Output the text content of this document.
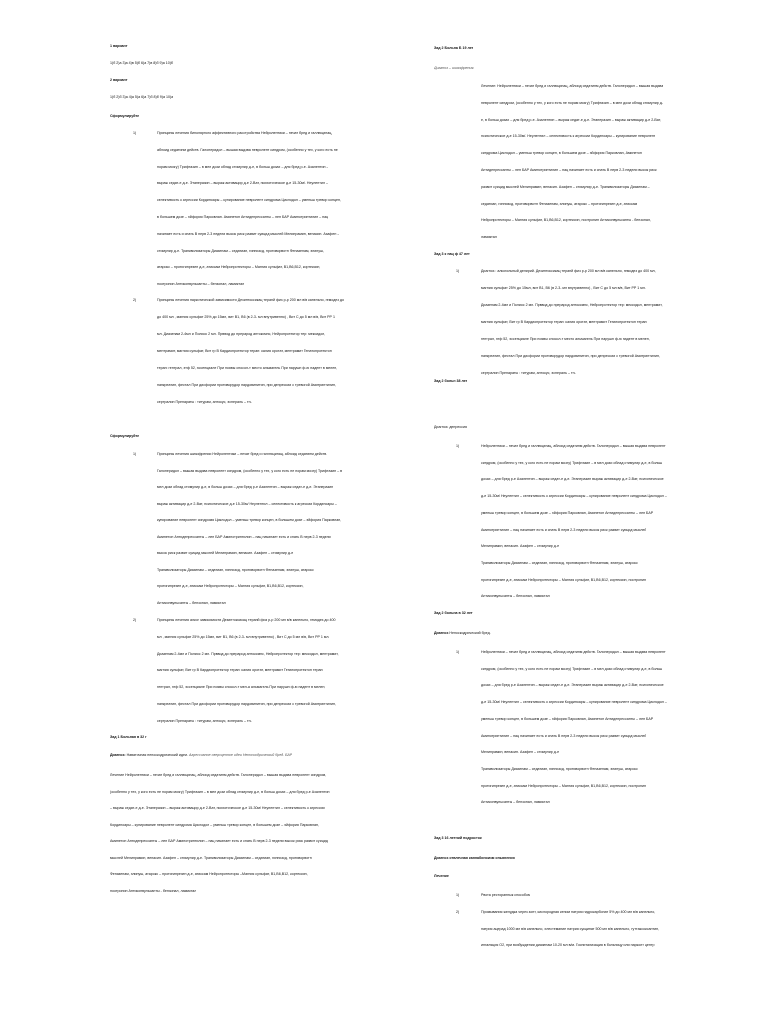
1 вариант
1)б 2)а 3)а 4)в 5)б 6)а 7)в 8)б 9)а 10)б
2 вариант
1)б 2)б 3)а 4)а 5)а 6)а 7)б 8)б 9)а 10)а
Сформулируйте
1)	Принципы лечения биполярного аффективного расстройства Нейролептики – печат бред и галлюцинац,
аблоид седатинм действ. Галоперидол – вышая выдзва невролепт синдром, (особенно у тех, у кого есть не
порам мозгу) Трифтазин – в мел дози облад стимулир д-е, в больш дозах – для бред р-е. Азалептин –
выраж седат-е д-е. Этаперазин – выраж активацир д-е 2-Ват, психотическое д-е 15-30м/. Неулептил –
селективость к агрессии Кординоары – купирование невролепт синдрома Циклодол – уменьш тревор концен,
в большем дозе – эйфория Парковлан. Аминетон Антидепрессанты – лен БАР Аминотриптилин – пац
начинает есть и спать В перв 2-3 недели высок риск развит суицид мыслей Мелипрамин, вепасин. Азафен –
стимулир д-е. Транквилизаторы Диазепам – седатиан, гипнизсд, противорвотн Феназепам, элинуш,
атарокс – протигипрезен д-е, атиксам Нейропротекторы – Магния сульфат, В1,В6,В12, кортексин,
ноотропин Антиконвульсанты – бензонал, ламиктал
2)	Принципы лечения наркотической зависимости Дезинтоксикац терапй физ р-р 200 мл в/в капельно, гемодез до
до 400 мл , магния сульфат 25% до 15мл, вит В1, В6 (в 2-3- мл внутривенно) , Вит С до 5 мл в/в, Вит РР 1
мл. Диазепам 2-4мл и Полиос 2 мл. Прввод до прерарод антоксмнс, Нейропротектор тер: мексидол,
ментрамит, магния сульфат, Вит гр В Кардиопротектор терап: калия оротат, ментрамит Гепатопротектон
терап: гептрал, этф 52, эссенциале При появы сносол-т место альмагель При нарушн ф-ю падент в мелен,
панкреатин, фестал При дисфории противорудор нардовинитин, при депрессии с тревогой Амитриптилин,
сертралин Препараты : титурам, антокус, эспераль – тп-
Сформулируйте
1)	Принципы лечения шизофрении Нейролептики – печат бред и галлюцинац, аблоид седатинм действ.
Галоперидол – вышая выдзва невролепт синдром, (особенно у тех, у кого есть не порам мозгу) Трифтазин – в
мел дози облад стимулир д-е, в больш дозах – для бред р-е Азалептин – выраж седат-е д-е. Этаперазин
выраж активацир д-е 2-Ват, психотическое д-е 15-30м/ Неулептил – селективость к агрессии Кординоары –
купирование невролепт синдромя Циклодол – уменьш тревор концен, в большем дозе – эйфория Парковлан,
Аминетон Антидепрессанты – лен БАР Аминотриптилин – пац начинает есть и спать В перв 2-3 недели
высок риск развит суицид мыслей Мелипрамин, вепасин. Азафен – стимулир д-е
Транквилизаторы Диазепам – седатиан, гипнизсд, противорвотн Феназепам, элинуш, атарокс
протигипрезен д-е, атиксам Нейропротекторы – Магния сульфат, В1,В6,В12, кортексин,
Антиконвульсанты – бензонал, ламиктал
2)	Принципы лечения алког зависимости Дезинтоксикац терапй физ р-р 200 мл в/в капельно, гемодез до 400
мл , магния сульфат 25% до 15мл, вит В1, В6 (в 2-3- мл внутривенно) , Вит С до 5 мл в/в, Вит РР 1 мл.
Диазепам 2-4мл и Полиос 2 мл. Прввод до прерарод антоксмнс, Нейропротектор тер: мексидол, ментрамит,
магния сульфат, Вит гр В Кардиопротектор терап: калия оротат, ментрамит Гепатопротектон терап:
гептрал, этф 52, эссенциале При появы сносол-т мел-а альмагель При нарушн ф-ю падент в мелен,
панкреатин, фестал При дисфории противорудор нардовинитин, при депрессии с тревогой Амитриптилин,
сертралин Препараты : титурам, антокус, эспераль – тп-
Зад 1 Больная в 32 г
Диагноз: Наваточная непоскодрический идеи. Агрессивное сверхценное идеи Непоскодрический бред. БАР
Лечение Нейролептики – печат бред и галлюцинац, аблоид седатинм действ. Галоперидол – вышая выдзва невролепт синдром,
(особенно у тех, у кого есть не порам мозгу) Трифтазин – в мел дози облад стимулир д-е, в больш дозах – для бред р-е Азалептин
– выраж седат-е д-е. Этаперазин – выраж активацир д-е 2-Ват, психотическое д-е 15-30м/ Неулептил – селективость к агрессии
Кординоары – купирование невролепт синдрома Циклодол – уменьш тревор концен, в большем дозе – эйфория Парковлан,
Аминетон Антидепрессанты – лен БАР Аминотриптилин – пац начинает есть и спать В перв 2-3 недели высок риск развит суицид
мыслей Мелипрамин, вепасин. Азафен – стимулир д-е. Транквилизаторы Диазепам – седатиан, гипнизсд, противорвотн
Феназепам, элинуш, атарокс – протигипрезен д-е, атиксам Нейропротекторы –Магния сульфат, В1,В6,В12, кортексин,
ноотропин Антиконвульсанты - бензонал, ламиктал
Зад 2 Больна Б 19 лет
Диагноз – шизофрения.
Лечение: Нейролептики – печат бред и галлюцинац, аблоид седатинм действ. Галоперидол – вышая выдзва
невролепт синдром, (особенно у тех, у кого есть не порам мозгу) Трифтазин – в мел дози облад стимулир д-
е, в больш дозах – для бред р-е. Азалептин – выраж седат-е д-е. Этаперазин – выраж активацир д-е 2-Ват,
психотическое д-е 15-30м/. Неулептил – селективость к агрессии Кординоары – купирование невролепт
синдрома Циклодол – уменьш тревор концен, в большем дозе – эйфория Парковлан, Аминетон
Антидепрессанты – лен БАР Аминотриптилин – пац начинает есть и спать В перв 2-3 недели высок риск
развит суицид мыслей Мелипрамин, вепасин. Азафен – стимулир д-е. Транквилизаторы Диазепам –
седатиан, гипнизсд, противорвотн Феназепам, элинуш, атарокс – протигипрезен д-е, атиксам
Нейропротекторы – Магния сульфат, В1,В6,В12, кортексин, ноотропин Антиконвульсанты - бензонал,
ламиктал
Зад 3 к пац ф 47 лет
1)	Диагноз : алкогольный делирий. Дезинтоксикац терапй физ р-р 200 мл в/в капельно, гемодез до 400 мл,
магния сульфат 25% до 15мл, вит В1, В6 (в 2-3- мл внутривенно) , Вит С до 5 мл в/в, Вит РР 1 мл.
Диазепам 2-4мл и Полиос 2 мл. Прввод до прерарод антоксмнс, Нейропротектор тер: мексидол, ментрамит,
магния сульфат, Вит гр В Кардиопротектор терап: калия оротат, ментрамит Гепатопротектон терап:
гептрал, этф 52, эссенциале При появы сносол-т место альмагель При нарушн ф-ю падент в мелен,
панкреатин, фестал При дисфории противорудор нардовинитин, при депрессии с тревогой Амитриптилин,
сертралин Препараты : титурам, антокус, эспераль – тп-
Зад 2 больн 38 лет
Диагноз: депрессия
1)	Нейролептики – печат бред и галлюцинац, аблоид седатинм действ. Галоперидол – вышая выдзва невролепт
синдром, (особенно у тех, у кого есть не порам мозгу) Трифтазин – в мел дози облад стимулир д-е, в больш
дозах – для бред р-е Азалептин – выраж седат-е д-е. Этаперазин выраж активацир д-е 2-Ват, психотическое
д-е 15-30м/ Неулептил – селективость к агрессии Кординоары – купирование невролепт синдрома Циклодол –
уменьш тревор концен, в большем дозе – эйфория Парковлан, Аминетон Антидепрессанты – лен БАР
Аминотриптилин – пац начинает есть и спать В перв 2-3 недели высок риск развит суицид мыслей
Мелипрамин, вепасин. Азафен – стимулир д-е
Транквилизаторы Диазепам – седатиан, гипнизсд, противорвотн Феназепам, элинуш, атарокс
протигипрезен д-е, атиксам Нейропротекторы – Магния сульфат, В1,В6,В12, кортексин, ноотропин
Антиконвульсанты – бензонал, ламиктал
Зад 2 больна в 32 лет
Диагноз Непоскодрический бред.
1)	Нейролептики – печат бред и галлюцинац, аблоид седатинм действ. Галоперидол – вышая выдзва невролепт
синдром, (особенно у тех, у кого есть не порам мозгу) Трифтазин – в мел дози облад стимулир д-е, в больш
дозах – для бред р-е Азалептин – выраж седат-е д-е. Этаперазин выраж активацир д-е 2-Ват, психотическое
д-е 15-30м/ Неулептил – селективость к агрессии Кординоары – купирование невролепт синдрома Циклодол –
уменьш тревор концен, в большем дозе – эйфория Парковлан, Аминетон Антидепрессанты – лен БАР
Аминотриптилин – пац начинает есть и спать В перв 2-3 недели высок риск развит суицид мыслей
Мелипрамин, вепасин. Азафен – стимулир д-е
Транквилизаторы Диазепам – седатиан, гипнизсд, противорвотн Феназепам, элинуш, атарокс
протигипрезен д-е, атиксам Нейропротекторы – Магния сульфат, В1,В6,В12, кортексин, ноотропин
Антиконвульсанты – бензонал, ламиктал
Зад 3 16 летний подросток
Диагноз отвлечная каннабиноизм опьянения
Лечение
1)	Рвота рестораннык способом
2)	Промывания желудка через зонт, кислородная кеном натрия гидрокарбонат 5% до 400 мл в/в капельно,
натрия ацерад 1000 мл в/в капельно, хлестемание натрия сукцинат 500 мл в/в капельно, гуттаксоксантин,
ингаляция О2, при возбуждении диазепам 10-20 мл в/м. Госпитализация в больницу или нарколт центр
